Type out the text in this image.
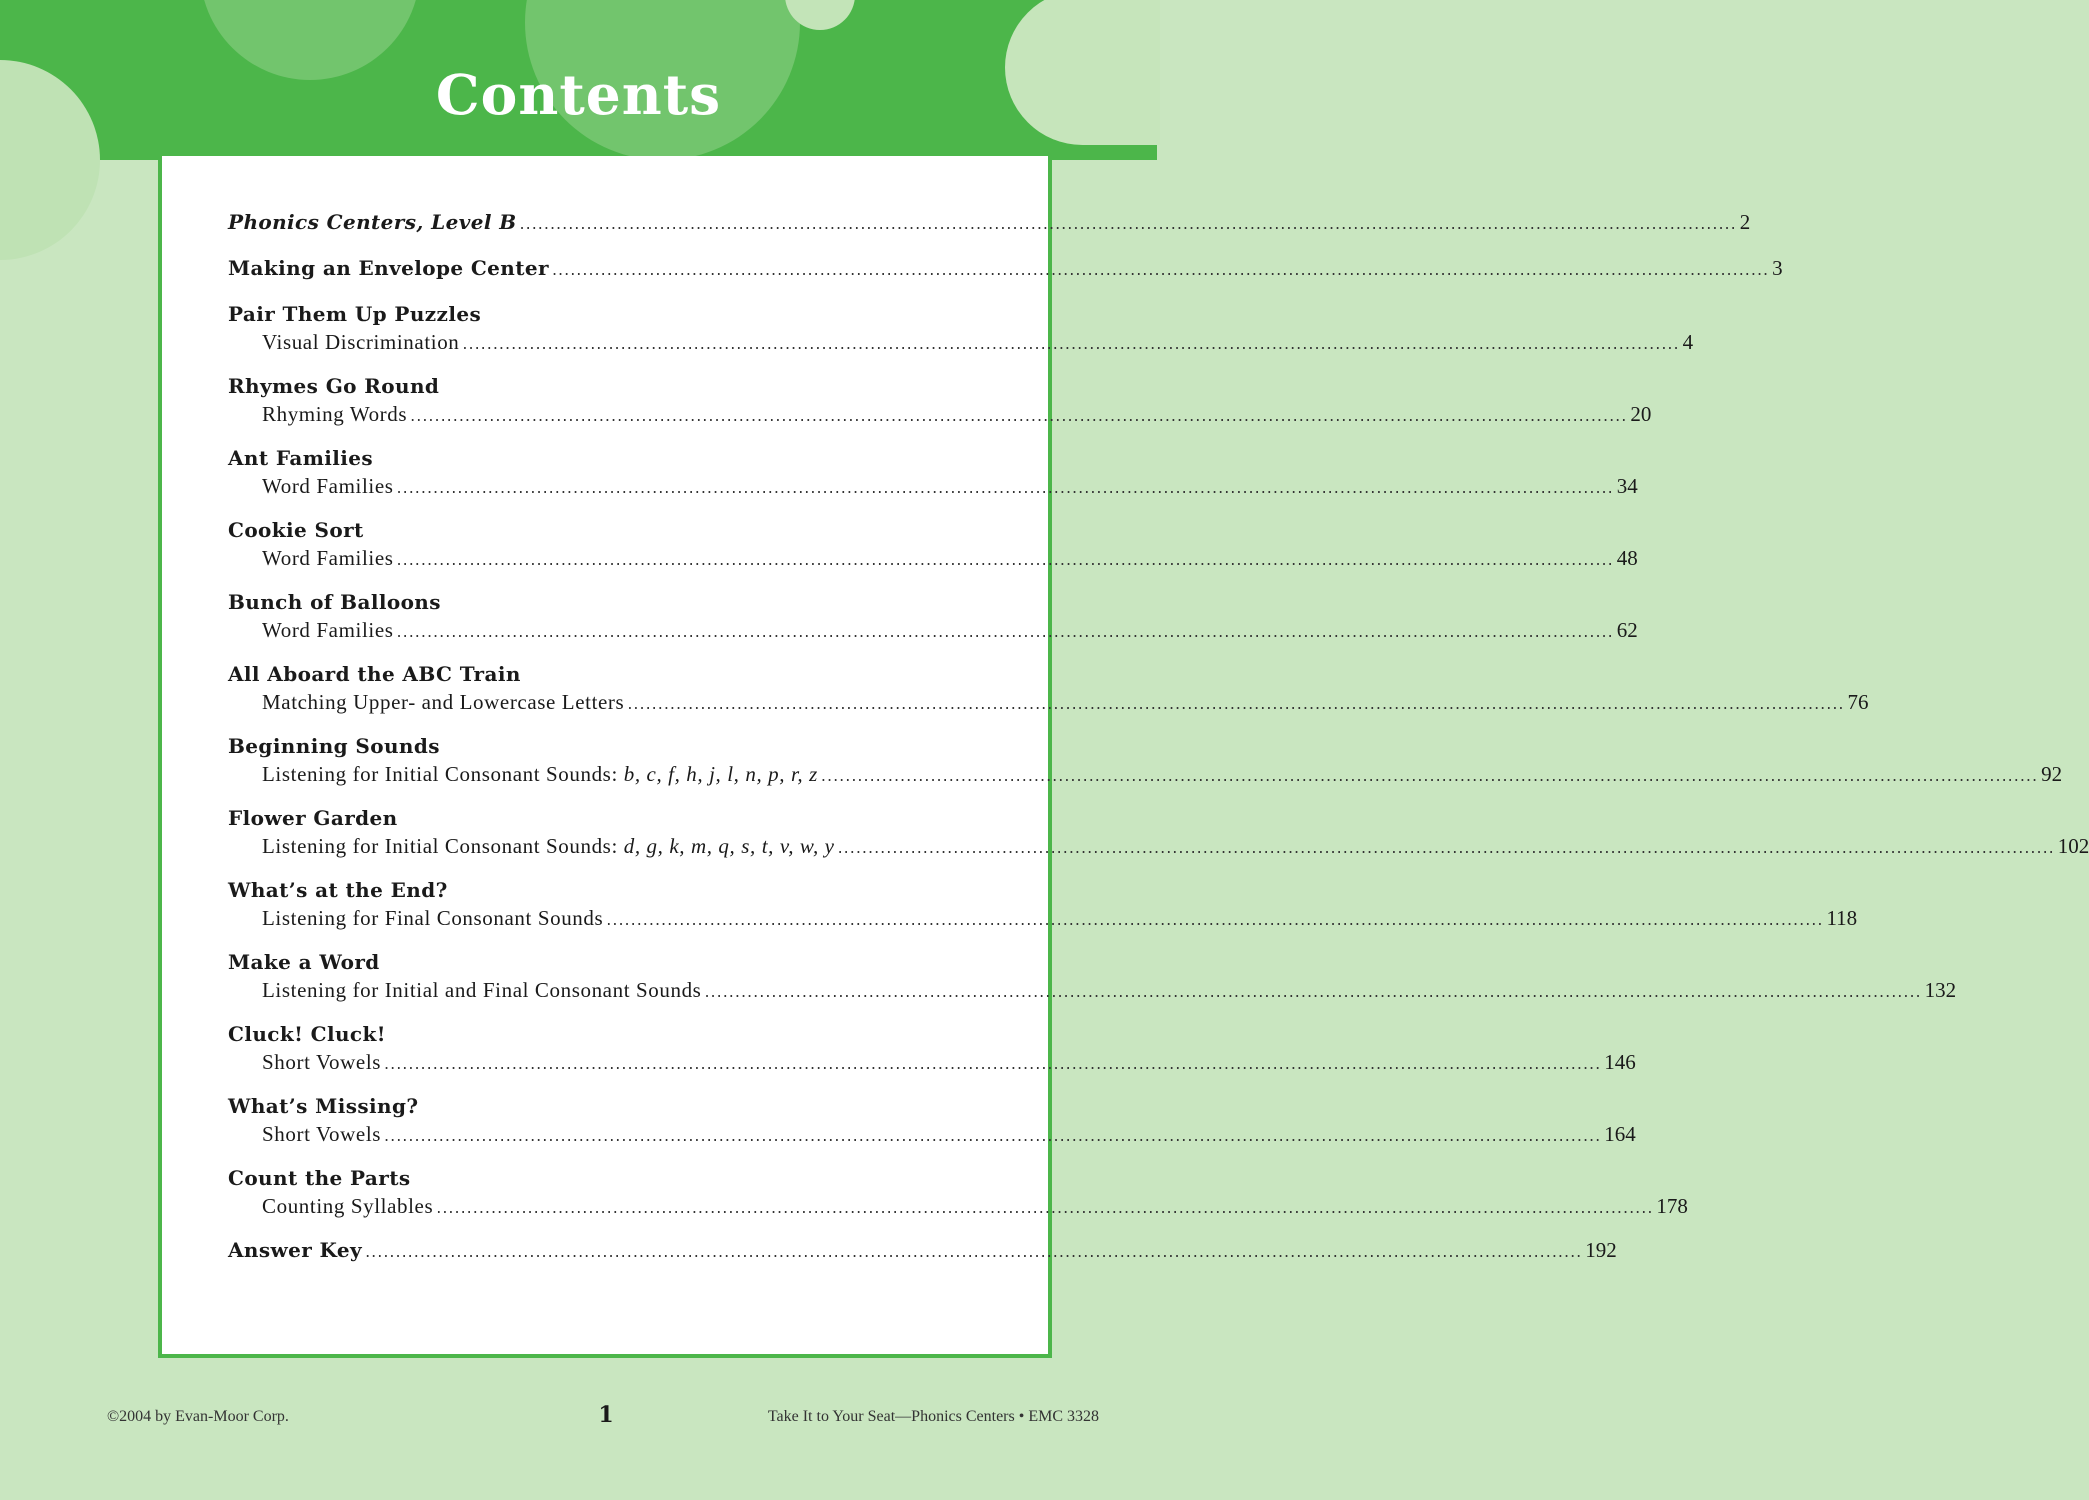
Contents
Phonics Centers, Level B ........................................................................................................................................................................................................ 2
Making an Envelope Center ........................................................................................................................................................................................................ 3
Pair Them Up Puzzles
Visual Discrimination ........................................................................................................................................................................................................ 4
Rhymes Go Round
Rhyming Words ........................................................................................................................................................................................................ 20
Ant Families
Word Families ........................................................................................................................................................................................................ 34
Cookie Sort
Word Families ........................................................................................................................................................................................................ 48
Bunch of Balloons
Word Families ........................................................................................................................................................................................................ 62
All Aboard the ABC Train
Matching Upper- and Lowercase Letters ........................................................................................................................................................................................................ 76
Beginning Sounds
Listening for Initial Consonant Sounds: b, c, f, h, j, l, n, p, r, z ........................................................................................................................................................................................................ 92
Flower Garden
Listening for Initial Consonant Sounds: d, g, k, m, q, s, t, v, w, y ........................................................................................................................................................................................................ 102
What’s at the End?
Listening for Final Consonant Sounds ........................................................................................................................................................................................................ 118
Make a Word
Listening for Initial and Final Consonant Sounds ........................................................................................................................................................................................................ 132
Cluck! Cluck!
Short Vowels ........................................................................................................................................................................................................ 146
What’s Missing?
Short Vowels ........................................................................................................................................................................................................ 164
Count the Parts
Counting Syllables ........................................................................................................................................................................................................ 178
Answer Key ........................................................................................................................................................................................................ 192
©2004 by Evan-Moor Corp.	1	Take It to Your Seat—Phonics Centers • EMC 3328
